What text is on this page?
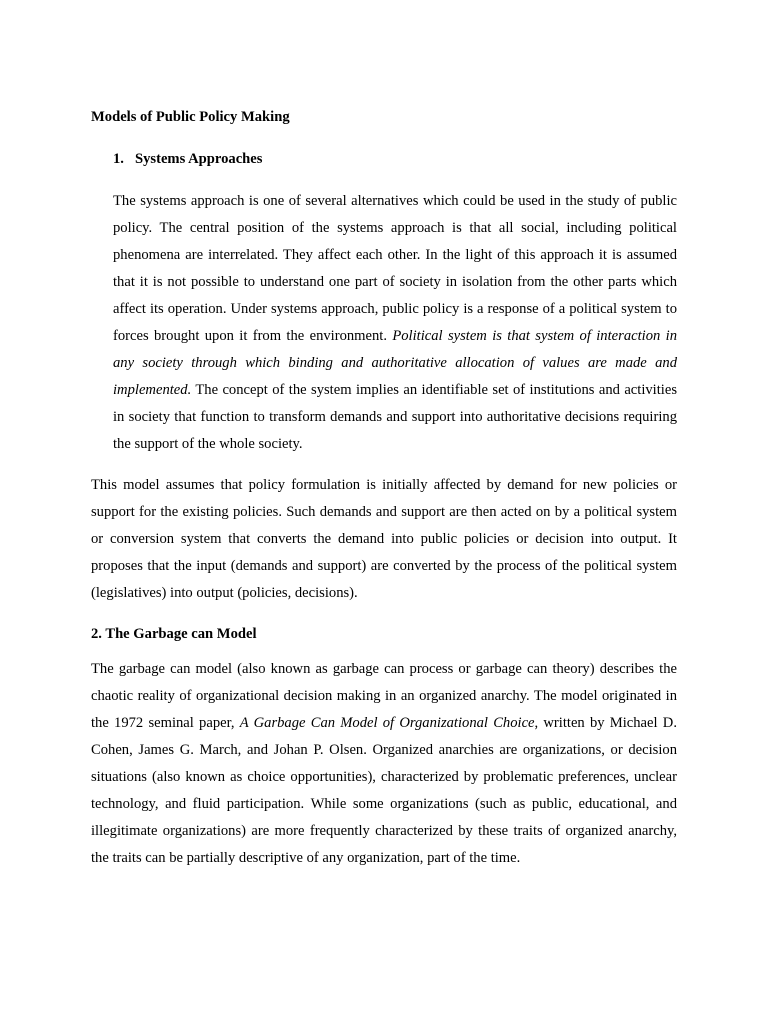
Models of Public Policy Making

1. Systems Approaches

The systems approach is one of several alternatives which could be used in the study of public policy. The central position of the systems approach is that all social, including political phenomena are interrelated. They affect each other. In the light of this approach it is assumed that it is not possible to understand one part of society in isolation from the other parts which affect its operation. Under systems approach, public policy is a response of a political system to forces brought upon it from the environment. Political system is that system of interaction in any society through which binding and authoritative allocation of values are made and implemented. The concept of the system implies an identifiable set of institutions and activities in society that function to transform demands and support into authoritative decisions requiring the support of the whole society.

This model assumes that policy formulation is initially affected by demand for new policies or support for the existing policies. Such demands and support are then acted on by a political system or conversion system that converts the demand into public policies or decision into output. It proposes that the input (demands and support) are converted by the process of the political system (legislatives) into output (policies, decisions).

2. The Garbage can Model

The garbage can model (also known as garbage can process or garbage can theory) describes the chaotic reality of organizational decision making in an organized anarchy. The model originated in the 1972 seminal paper, A Garbage Can Model of Organizational Choice, written by Michael D. Cohen, James G. March, and Johan P. Olsen. Organized anarchies are organizations, or decision situations (also known as choice opportunities), characterized by problematic preferences, unclear technology, and fluid participation. While some organizations (such as public, educational, and illegitimate organizations) are more frequently characterized by these traits of organized anarchy, the traits can be partially descriptive of any organization, part of the time.
